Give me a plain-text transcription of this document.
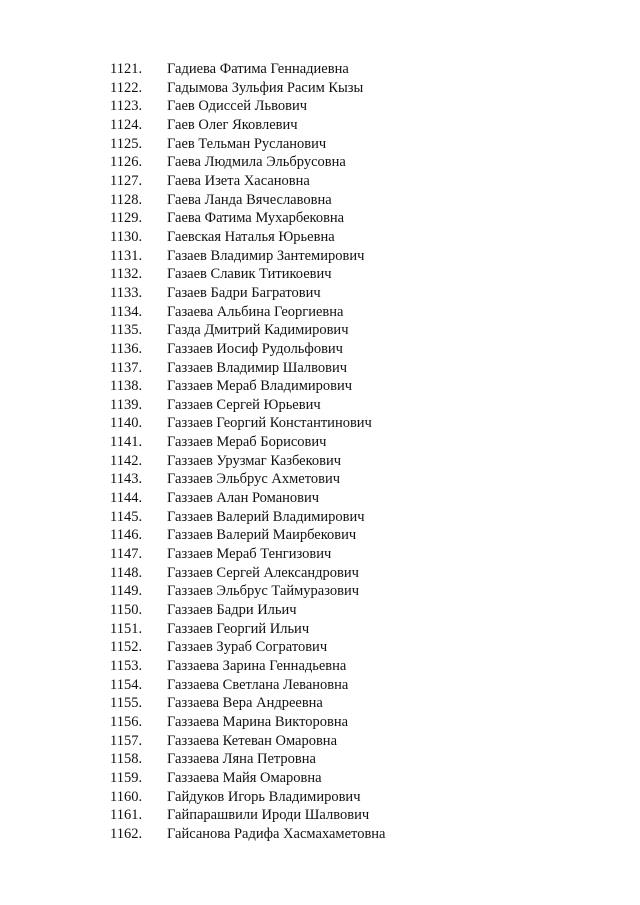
1121. Гадиева Фатима Геннадиевна
1122. Гадымова Зульфия Расим Кызы
1123. Гаев Одиссей Львович
1124. Гаев Олег Яковлевич
1125. Гаев Тельман Русланович
1126. Гаева Людмила Эльбрусовна
1127. Гаева Изета Хасановна
1128. Гаева Ланда Вячеславовна
1129. Гаева Фатима Мухарбековна
1130. Гаевская Наталья Юрьевна
1131. Газаев Владимир Зантемирович
1132. Газаев Славик Титикоевич
1133. Газаев Бадри Багратович
1134. Газаева Альбина Георгиевна
1135. Газда Дмитрий Кадимирович
1136. Газзаев Иосиф Рудольфович
1137. Газзаев Владимир Шалвович
1138. Газзаев Мераб Владимирович
1139. Газзаев Сергей Юрьевич
1140. Газзаев Георгий Константинович
1141. Газзаев Мераб Борисович
1142. Газзаев Урузмаг Казбекович
1143. Газзаев Эльбрус Ахметович
1144. Газзаев Алан Романович
1145. Газзаев Валерий Владимирович
1146. Газзаев Валерий Маирбекович
1147. Газзаев Мераб Тенгизович
1148. Газзаев Сергей Александрович
1149. Газзаев Эльбрус Таймуразович
1150. Газзаев Бадри Ильич
1151. Газзаев Георгий Ильич
1152. Газзаев Зураб Согратович
1153. Газзаева Зарина Геннадьевна
1154. Газзаева Светлана Левановна
1155. Газзаева Вера Андреевна
1156. Газзаева Марина Викторовна
1157. Газзаева Кетеван Омаровна
1158. Газзаева Ляна Петровна
1159. Газзаева Майя Омаровна
1160. Гайдуков Игорь Владимирович
1161. Гайпарашвили Ироди Шалвович
1162. Гайсанова Радифа Хасмахаметовна
